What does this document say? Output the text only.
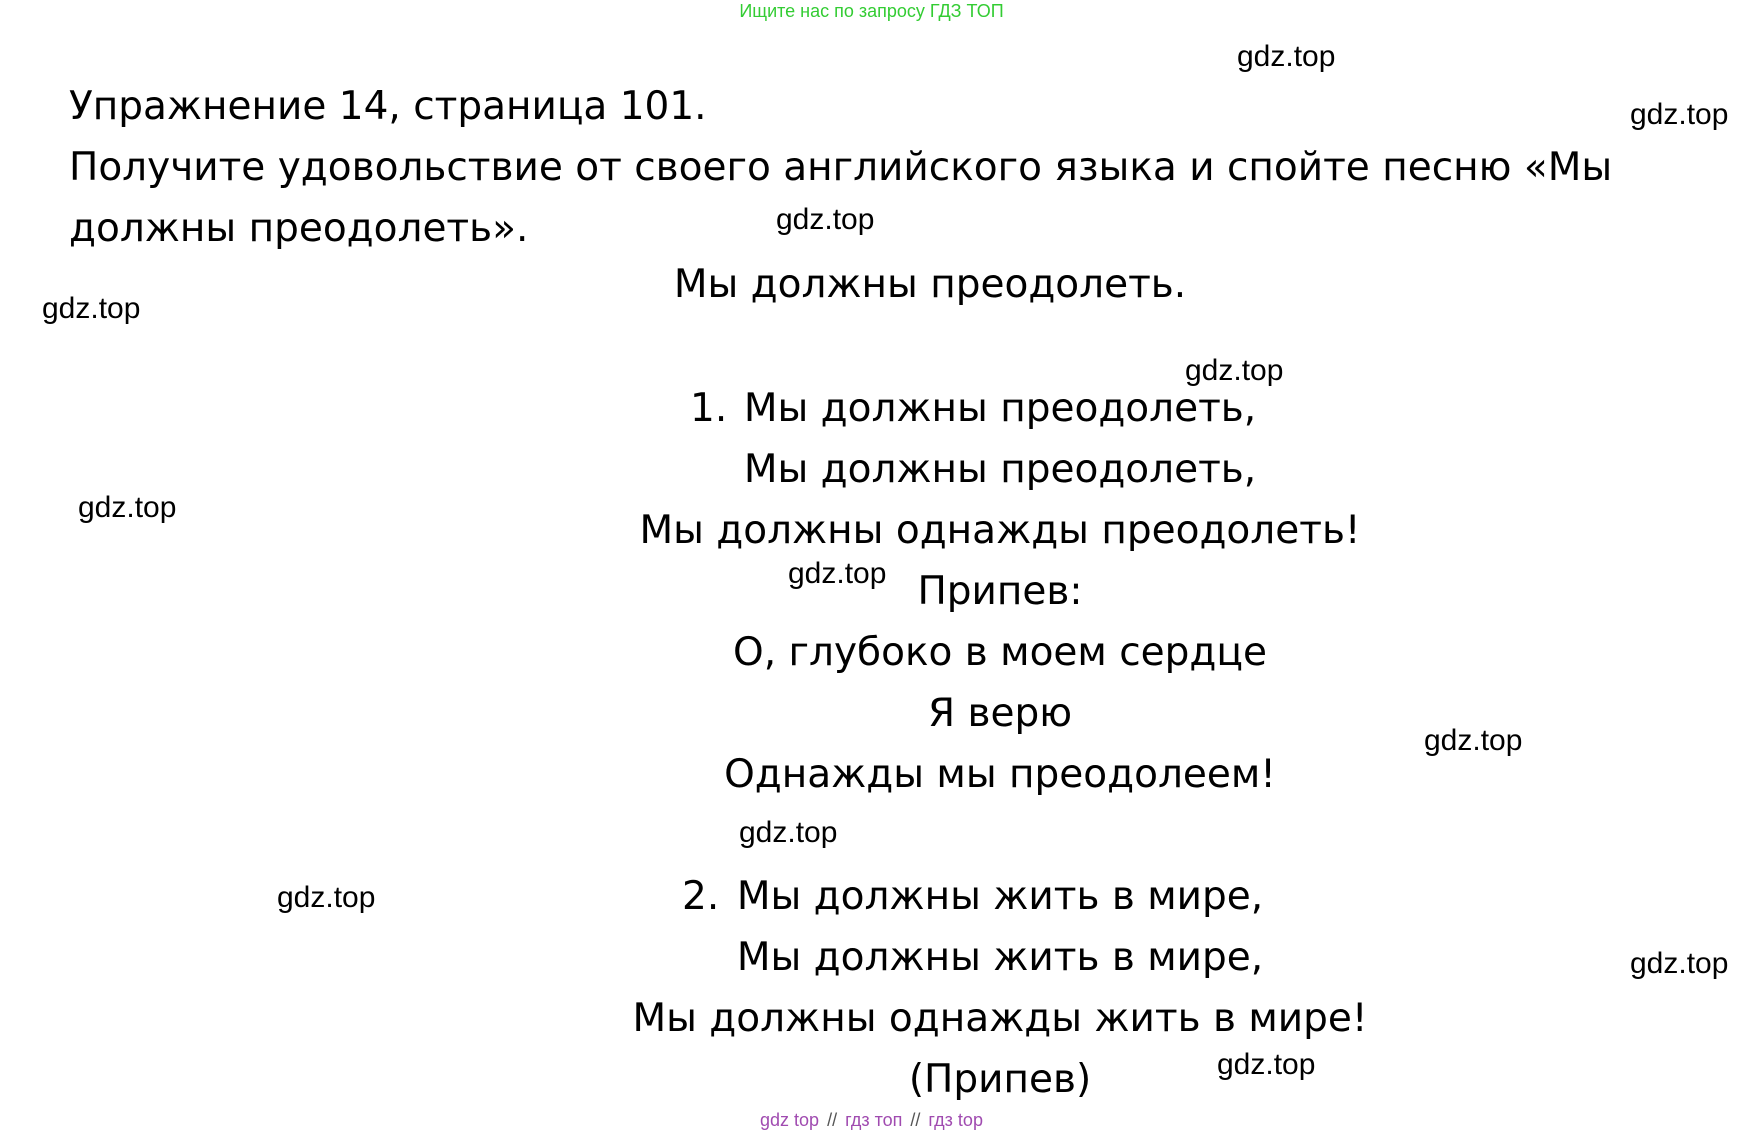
Ищите нас по запросу ГДЗ ТОП
Упражнение 14, страница 101.
Получите удовольствие от своего английского языка и спойте песню «Мы должны преодолеть».
Мы должны преодолеть.
1. Мы должны преодолеть,
Мы должны преодолеть,
Мы должны однажды преодолеть!
Припев:
О, глубоко в моем сердце
Я верю
Однажды мы преодолеем!
2. Мы должны жить в мире,
Мы должны жить в мире,
Мы должны однажды жить в мире!
(Припев)
gdz.top
gdz.top
gdz.top
gdz.top
gdz.top
gdz.top
gdz.top
gdz.top
gdz.top
gdz.top
gdz.top
gdz.top
gdz top // гдз топ // гдз top
